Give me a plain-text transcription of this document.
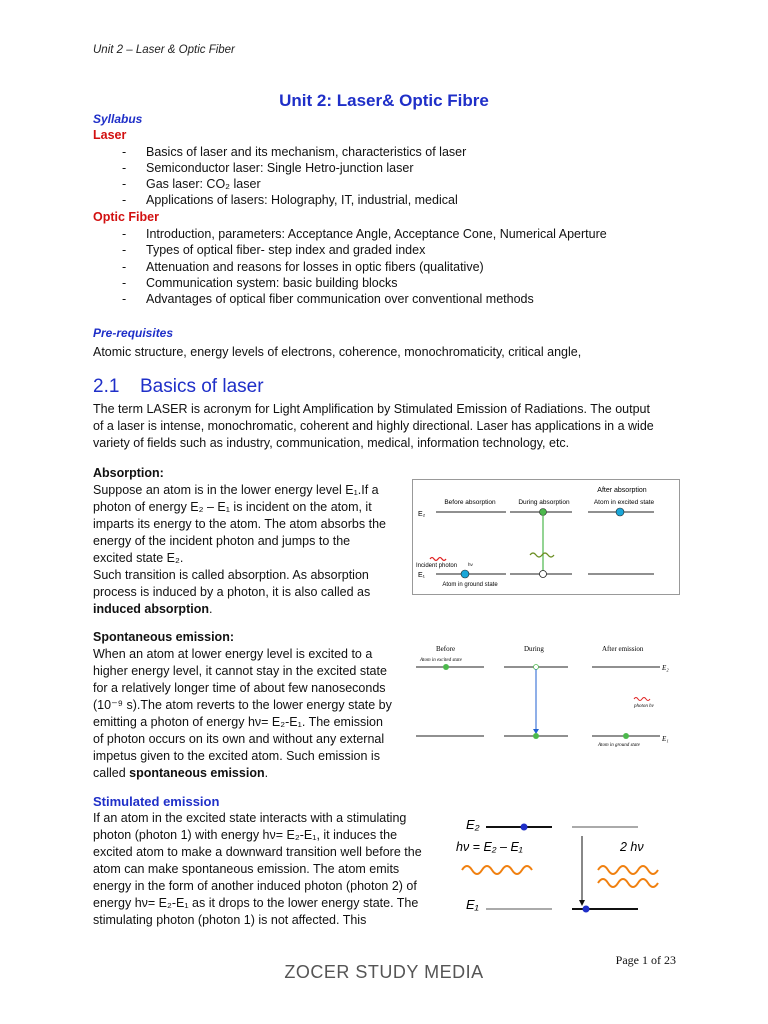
Unit 2 – Laser & Optic Fiber
Unit 2: Laser& Optic Fibre
Syllabus
Laser
- Basics of laser and its mechanism, characteristics of laser
- Semiconductor laser: Single Hetro-junction laser
- Gas laser: CO₂ laser
- Applications of lasers: Holography, IT, industrial, medical
Optic Fiber
- Introduction, parameters: Acceptance Angle, Acceptance Cone, Numerical Aperture
- Types of optical fiber- step index and graded index
- Attenuation and reasons for losses in optic fibers (qualitative)
- Communication system: basic building blocks
- Advantages of optical fiber communication over conventional methods
Pre-requisites
Atomic structure, energy levels of electrons, coherence, monochromaticity, critical angle,
2.1 Basics of laser
The term LASER is acronym for Light Amplification by Stimulated Emission of Radiations. The output
of a laser is intense, monochromatic, coherent and highly directional. Laser has applications in a wide
variety of fields such as industry, communication, medical, information technology, etc.
Absorption:
Suppose an atom is in the lower energy level E₁.If a
photon of energy E₂ – E₁ is incident on the atom, it
imparts its energy to the atom. The atom absorbs the
energy of the incident photon and jumps to the
excited state E₂.
Such transition is called absorption. As absorption
process is induced by a photon, it is also called as
induced absorption.
After absorption
Before absorption	During absorption	Atom in excited state
E₂
Incident photon hν
E₁
Atom in ground state
Spontaneous emission:
When an atom at lower energy level is excited to a
higher energy level, it cannot stay in the excited state
for a relatively longer time of about few nanoseconds
(10⁻⁹ s).The atom reverts to the lower energy state by
emitting a photon of energy hν= E₂-E₁. The emission
of photon occurs on its own and without any external
impetus given to the excited atom. Such emission is
called spontaneous emission.
Before	During	After emission
Atom in excited state
E₂
photon hν
E₁
Atom in ground state
Stimulated emission
If an atom in the excited state interacts with a stimulating
photon (photon 1) with energy hν= E₂-E₁, it induces the
excited atom to make a downward transition well before the
atom can make spontaneous emission. The atom emits
energy in the form of another induced photon (photon 2) of
energy hν= E₂-E₁ as it drops to the lower energy state. The
stimulating photon (photon 1) is not affected. This
E₂
hν = E₂ – E₁	2 hν
E₁
Page 1 of 23
ZOCER STUDY MEDIA
